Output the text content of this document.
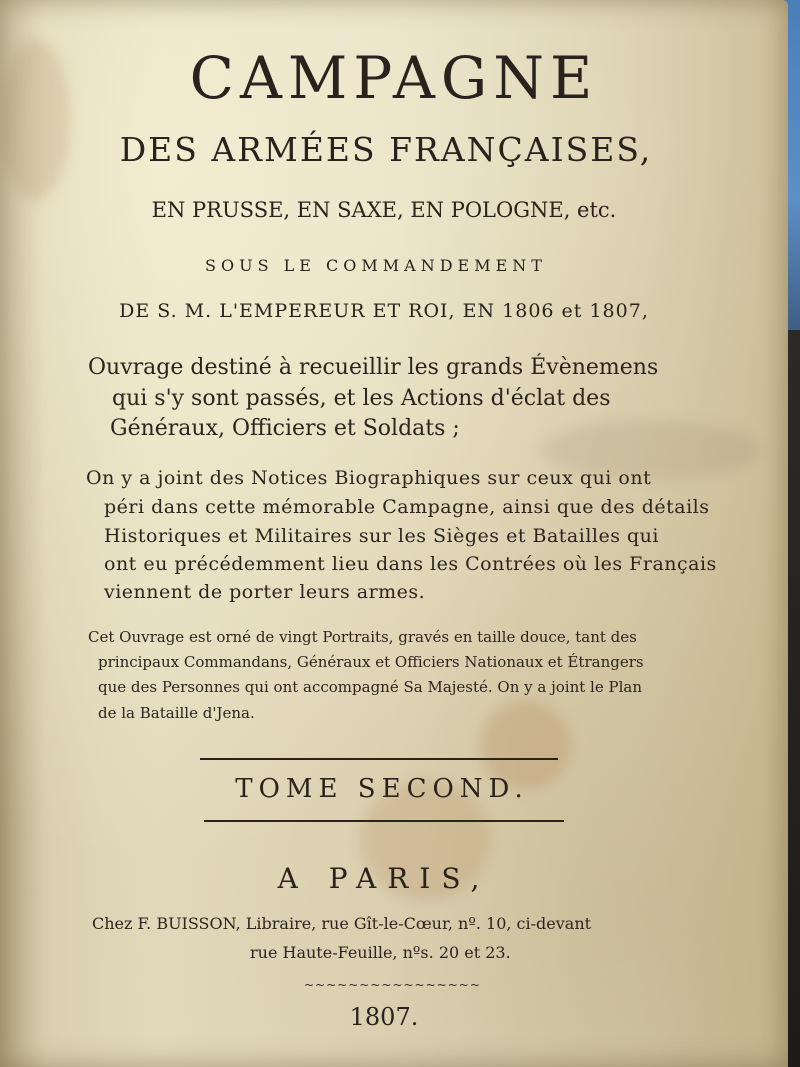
CAMPAGNE
DES ARMÉES FRANÇAISES,
EN PRUSSE, EN SAXE, EN POLOGNE, etc.
SOUS LE COMMANDEMENT
DE S. M. L'EMPEREUR ET ROI, EN 1806 et 1807,
Ouvrage destiné à recueillir les grands Évènemens
qui s'y sont passés, et les Actions d'éclat des
Généraux, Officiers et Soldats ;
On y a joint des Notices Biographiques sur ceux qui ont
péri dans cette mémorable Campagne, ainsi que des détails
Historiques et Militaires sur les Sièges et Batailles qui
ont eu précédemment lieu dans les Contrées où les Français
viennent de porter leurs armes.
Cet Ouvrage est orné de vingt Portraits, gravés en taille douce, tant des
principaux Commandans, Généraux et Officiers Nationaux et Étrangers
que des Personnes qui ont accompagné Sa Majesté. On y a joint le Plan
de la Bataille d'Jena.
TOME SECOND.
A PARIS,
Chez F. BUISSON, Libraire, rue Gît-le-Cœur, nº. 10, ci-devant
rue Haute-Feuille, nºs. 20 et 23.
~~~~~~~~~~~~~~~~
1807.
